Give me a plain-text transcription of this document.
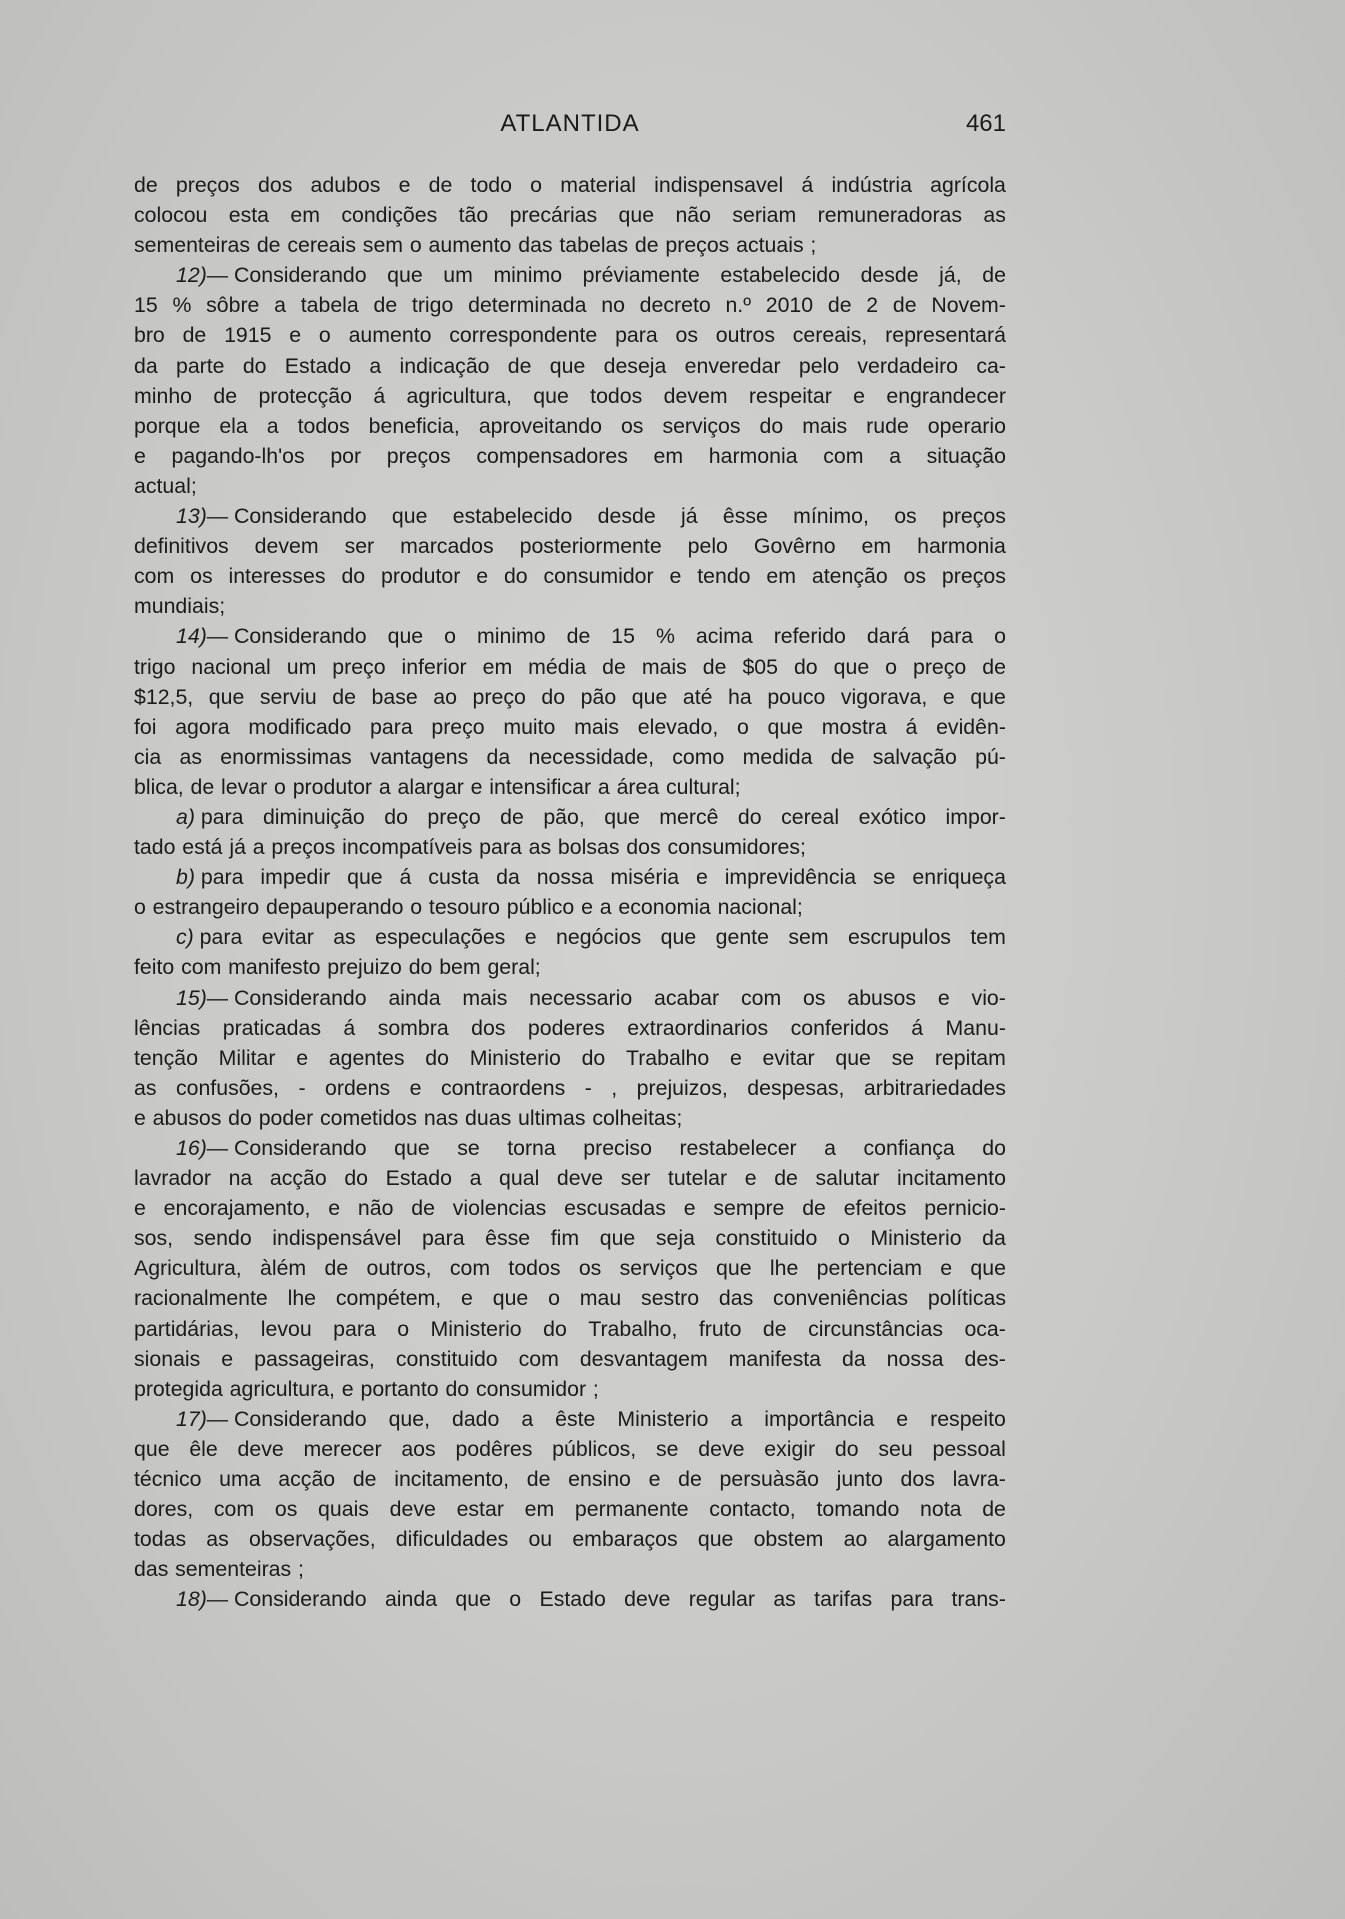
ATLANTIDA	461
de preços dos adubos e de todo o material indispensavel á indústria agrícola
colocou esta em condições tão precárias que não seriam remuneradoras as
sementeiras de cereais sem o aumento das tabelas de preços actuais ;
12)— Considerando que um minimo préviamente estabelecido desde já, de
15 % sôbre a tabela de trigo determinada no decreto n.º 2010 de 2 de Novem-
bro de 1915 e o aumento correspondente para os outros cereais, representará
da parte do Estado a indicação de que deseja enveredar pelo verdadeiro ca-
minho de protecção á agricultura, que todos devem respeitar e engrandecer
porque ela a todos beneficia, aproveitando os serviços do mais rude operario
e pagando-lh'os por preços compensadores em harmonia com a situação
actual;
13)— Considerando que estabelecido desde já êsse mínimo, os preços
definitivos devem ser marcados posteriormente pelo Govêrno em harmonia
com os interesses do produtor e do consumidor e tendo em atenção os preços
mundiais;
14)— Considerando que o minimo de 15 % acima referido dará para o
trigo nacional um preço inferior em média de mais de $05 do que o preço de
$12,5, que serviu de base ao preço do pão que até ha pouco vigorava, e que
foi agora modificado para preço muito mais elevado, o que mostra á evidên-
cia as enormissimas vantagens da necessidade, como medida de salvação pú-
blica, de levar o produtor a alargar e intensificar a área cultural;
a) para diminuição do preço de pão, que mercê do cereal exótico impor-
tado está já a preços incompatíveis para as bolsas dos consumidores;
b) para impedir que á custa da nossa miséria e imprevidência se enriqueça
o estrangeiro depauperando o tesouro público e a economia nacional;
c) para evitar as especulações e negócios que gente sem escrupulos tem
feito com manifesto prejuizo do bem geral;
15)— Considerando ainda mais necessario acabar com os abusos e vio-
lências praticadas á sombra dos poderes extraordinarios conferidos á Manu-
tenção Militar e agentes do Ministerio do Trabalho e evitar que se repitam
as confusões, - ordens e contraordens - , prejuizos, despesas, arbitrariedades
e abusos do poder cometidos nas duas ultimas colheitas;
16)— Considerando que se torna preciso restabelecer a confiança do
lavrador na acção do Estado a qual deve ser tutelar e de salutar incitamento
e encorajamento, e não de violencias escusadas e sempre de efeitos pernicio-
sos, sendo indispensável para êsse fim que seja constituido o Ministerio da
Agricultura, àlém de outros, com todos os serviços que lhe pertenciam e que
racionalmente lhe compétem, e que o mau sestro das conveniências políticas
partidárias, levou para o Ministerio do Trabalho, fruto de circunstâncias oca-
sionais e passageiras, constituido com desvantagem manifesta da nossa des-
protegida agricultura, e portanto do consumidor ;
17)— Considerando que, dado a êste Ministerio a importância e respeito
que êle deve merecer aos podêres públicos, se deve exigir do seu pessoal
técnico uma acção de incitamento, de ensino e de persuàsão junto dos lavra-
dores, com os quais deve estar em permanente contacto, tomando nota de
todas as observações, dificuldades ou embaraços que obstem ao alargamento
das sementeiras ;
18)— Considerando ainda que o Estado deve regular as tarifas para trans-
